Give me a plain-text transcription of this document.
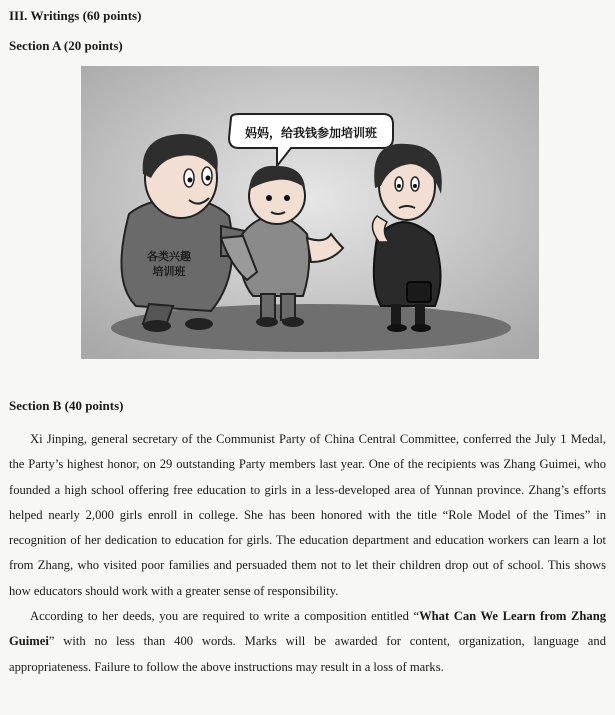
III. Writings (60 points)
Section A (20 points)
妈妈，给我钱参加培训班
各类兴趣
培训班
Section B (40 points)

Xi Jinping, general secretary of the Communist Party of China Central Committee, conferred the July 1 Medal, the Party’s highest honor, on 29 outstanding Party members last year. One of the recipients was Zhang Guimei, who founded a high school offering free education to girls in a less-developed area of Yunnan province. Zhang’s efforts helped nearly 2,000 girls enroll in college. She has been honored with the title “Role Model of the Times” in recognition of her dedication to education for girls. The education department and education workers can learn a lot from Zhang, who visited poor families and persuaded them not to let their children drop out of school. This shows how educators should work with a greater sense of responsibility.

According to her deeds, you are required to write a composition entitled “What Can We Learn from Zhang Guimei” with no less than 400 words. Marks will be awarded for content, organization, language and appropriateness. Failure to follow the above instructions may result in a loss of marks.
